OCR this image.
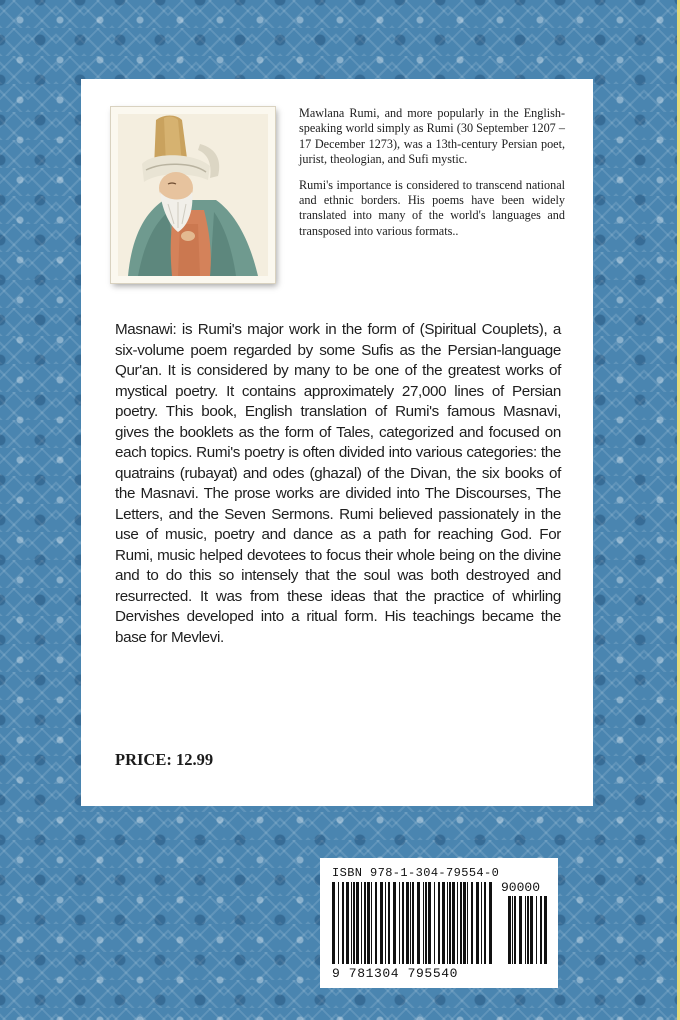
Mawlana Rumi, and more popularly in the English-speaking world simply as Rumi (30 September 1207 – 17 December 1273), was a 13th-century Persian poet, jurist, theologian, and Sufi mystic.

Rumi's importance is considered to transcend national and ethnic borders. His poems have been widely translated into many of the world's languages and transposed into various formats..

Masnawi: is Rumi's major work in the form of (Spiritual Couplets), a six-volume poem regarded by some Sufis as the Persian-language Qur'an. It is considered by many to be one of the greatest works of mystical poetry. It contains approximately 27,000 lines of Persian poetry. This book, English translation of Rumi's famous Masnavi, gives the booklets as the form of Tales, categorized and focused on each topics. Rumi's poetry is often divided into various categories: the quatrains (rubayat) and odes (ghazal) of the Divan, the six books of the Masnavi. The prose works are divided into The Discourses, The Letters, and the Seven Sermons. Rumi believed passionately in the use of music, poetry and dance as a path for reaching God. For Rumi, music helped devotees to focus their whole being on the divine and to do this so intensely that the soul was both destroyed and resurrected. It was from these ideas that the practice of whirling Dervishes developed into a ritual form. His teachings became the base for Mevlevi.
PRICE: 12.99
ISBN 978-1-304-79554-0
90000
9 781304 795540
